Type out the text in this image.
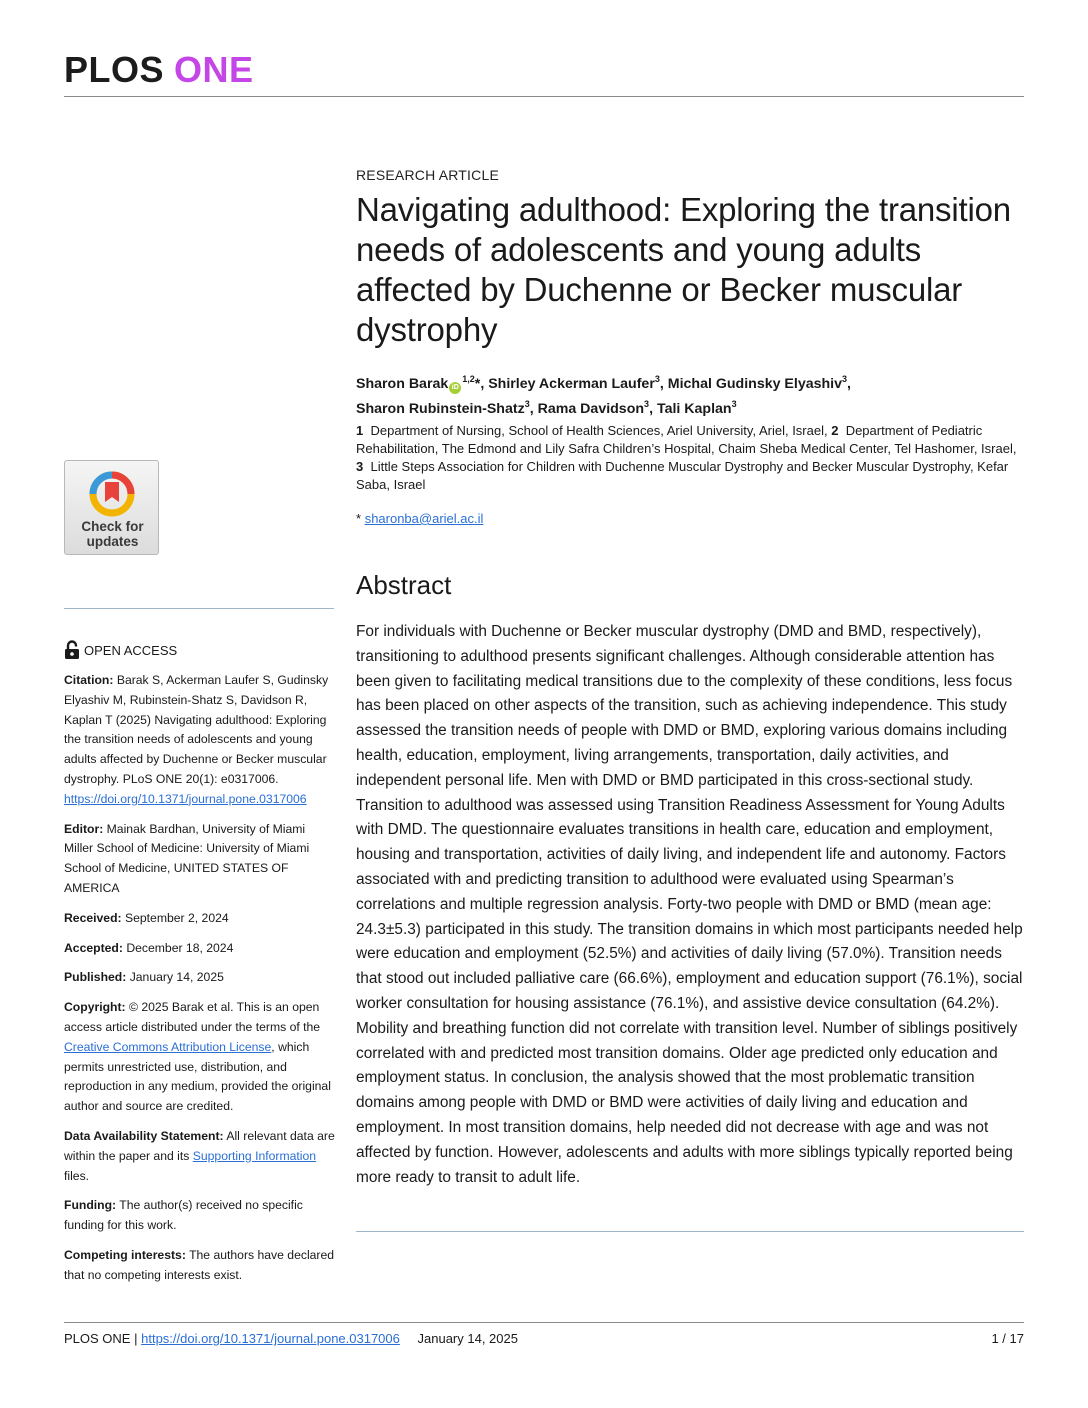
PLOS ONE
RESEARCH ARTICLE
Navigating adulthood: Exploring the transition needs of adolescents and young adults affected by Duchenne or Becker muscular dystrophy
Sharon Barak iD$^{1,2}$*, Shirley Ackerman Laufer$^3$, Michal Gudinsky Elyashiv$^3$,
Sharon Rubinstein-Shatz$^3$, Rama Davidson$^3$, Tali Kaplan$^3$
1 Department of Nursing, School of Health Sciences, Ariel University, Ariel, Israel, 2 Department of Pediatric Rehabilitation, The Edmond and Lily Safra Children’s Hospital, Chaim Sheba Medical Center, Tel Hashomer, Israel, 3 Little Steps Association for Children with Duchenne Muscular Dystrophy and Becker Muscular Dystrophy, Kefar Saba, Israel
* sharonba@ariel.ac.il
Abstract

For individuals with Duchenne or Becker muscular dystrophy (DMD and BMD, respectively), transitioning to adulthood presents significant challenges. Although considerable attention has been given to facilitating medical transitions due to the complexity of these conditions, less focus has been placed on other aspects of the transition, such as achieving independence. This study assessed the transition needs of people with DMD or BMD, exploring various domains including health, education, employment, living arrangements, transportation, daily activities, and independent personal life. Men with DMD or BMD participated in this cross-sectional study. Transition to adulthood was assessed using Transition Readiness Assessment for Young Adults with DMD. The questionnaire evaluates transitions in health care, education and employment, housing and transportation, activities of daily living, and independent life and autonomy. Factors associated with and predicting transition to adulthood were evaluated using Spearman’s correlations and multiple regression analysis. Forty-two people with DMD or BMD (mean age: 24.3±5.3) participated in this study. The transition domains in which most participants needed help were education and employment (52.5%) and activities of daily living (57.0%). Transition needs that stood out included palliative care (66.6%), employment and education support (76.1%), social worker consultation for housing assistance (76.1%), and assistive device consultation (64.2%). Mobility and breathing function did not correlate with transition level. Number of siblings positively correlated with and predicted most transition domains. Older age predicted only education and employment status. In conclusion, the analysis showed that the most problematic transition domains among people with DMD or BMD were activities of daily living and education and employment. In most transition domains, help needed did not decrease with age and was not affected by function. However, adolescents and adults with more siblings typically reported being more ready to transit to adult life.

Check for
updates
OPEN ACCESS

Citation: Barak S, Ackerman Laufer S, Gudinsky Elyashiv M, Rubinstein-Shatz S, Davidson R, Kaplan T (2025) Navigating adulthood: Exploring the transition needs of adolescents and young adults affected by Duchenne or Becker muscular dystrophy. PLoS ONE 20(1): e0317006. https://doi.org/10.1371/journal.pone.0317006

Editor: Mainak Bardhan, University of Miami Miller School of Medicine: University of Miami School of Medicine, UNITED STATES OF AMERICA

Received: September 2, 2024

Accepted: December 18, 2024

Published: January 14, 2025

Copyright: © 2025 Barak et al. This is an open access article distributed under the terms of the Creative Commons Attribution License, which permits unrestricted use, distribution, and reproduction in any medium, provided the original author and source are credited.

Data Availability Statement: All relevant data are within the paper and its Supporting Information files.

Funding: The author(s) received no specific funding for this work.

Competing interests: The authors have declared that no competing interests exist.

PLOS ONE | https://doi.org/10.1371/journal.pone.0317006 January 14, 2025	1 / 17
